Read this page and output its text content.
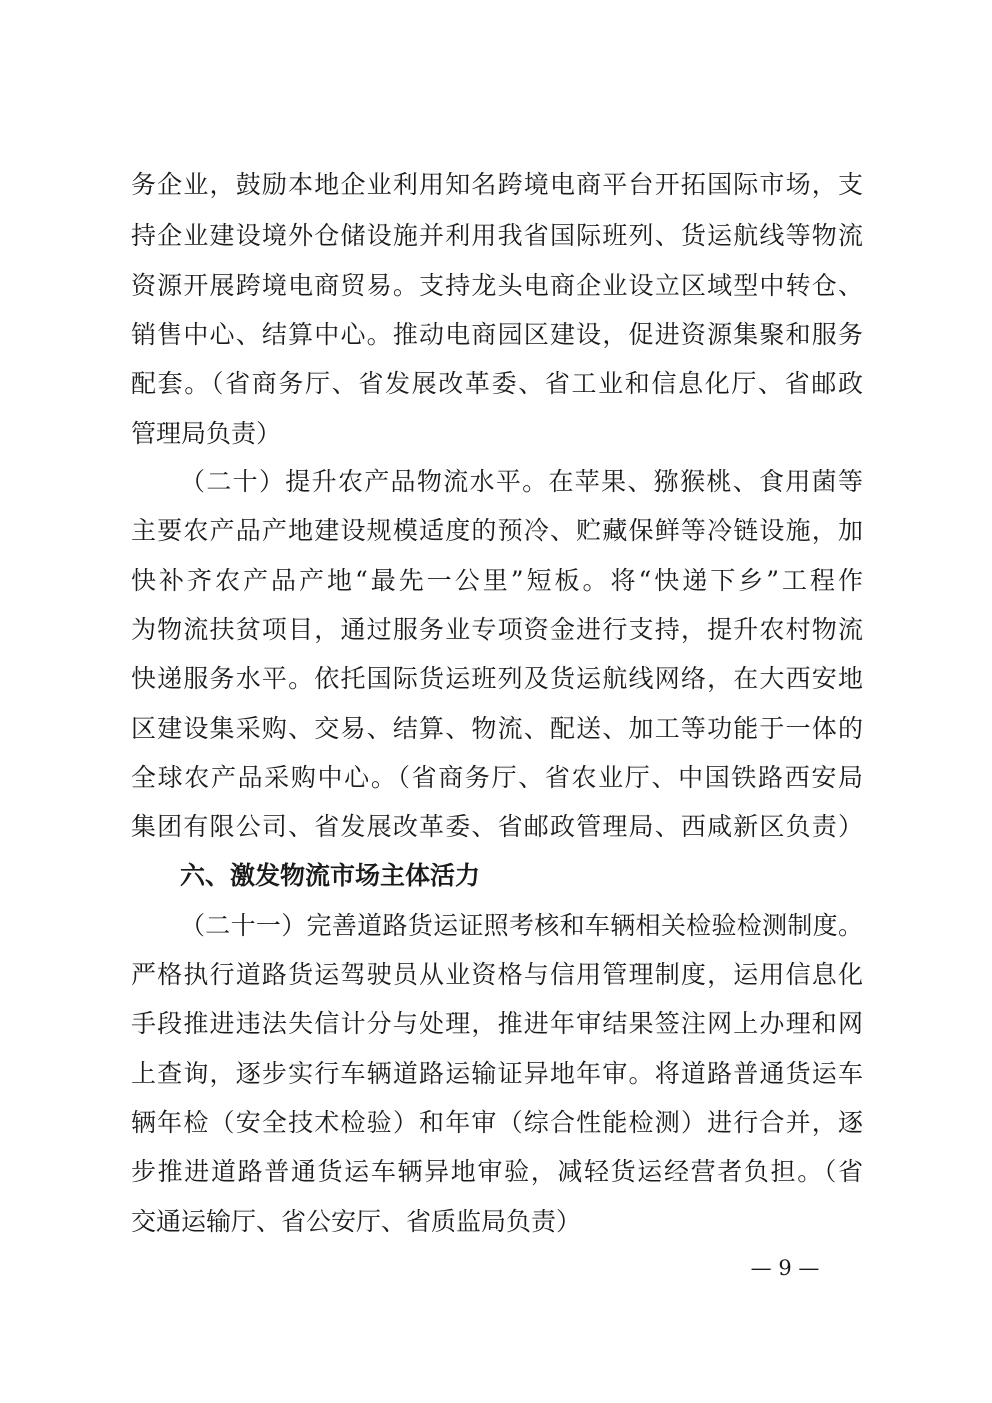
务企业，鼓励本地企业利用知名跨境电商平台开拓国际市场，支
持企业建设境外仓储设施并利用我省国际班列、货运航线等物流
资源开展跨境电商贸易。支持龙头电商企业设立区域型中转仓、
销售中心、结算中心。推动电商园区建设，促进资源集聚和服务
配套。（省商务厅、省发展改革委、省工业和信息化厅、省邮政
管理局负责）
（二十）提升农产品物流水平。在苹果、猕猴桃、食用菌等
主要农产品产地建设规模适度的预冷、贮藏保鲜等冷链设施，加
快补齐农产品产地“最先一公里”短板。将“快递下乡”工程作
为物流扶贫项目，通过服务业专项资金进行支持，提升农村物流
快递服务水平。依托国际货运班列及货运航线网络，在大西安地
区建设集采购、交易、结算、物流、配送、加工等功能于一体的
全球农产品采购中心。（省商务厅、省农业厅、中国铁路西安局
集团有限公司、省发展改革委、省邮政管理局、西咸新区负责）
六、激发物流市场主体活力
（二十一）完善道路货运证照考核和车辆相关检验检测制度。
严格执行道路货运驾驶员从业资格与信用管理制度，运用信息化
手段推进违法失信计分与处理，推进年审结果签注网上办理和网
上查询，逐步实行车辆道路运输证异地年审。将道路普通货运车
辆年检（安全技术检验）和年审（综合性能检测）进行合并，逐
步推进道路普通货运车辆异地审验，减轻货运经营者负担。（省
交通运输厅、省公安厅、省质监局负责）
— 9 —
